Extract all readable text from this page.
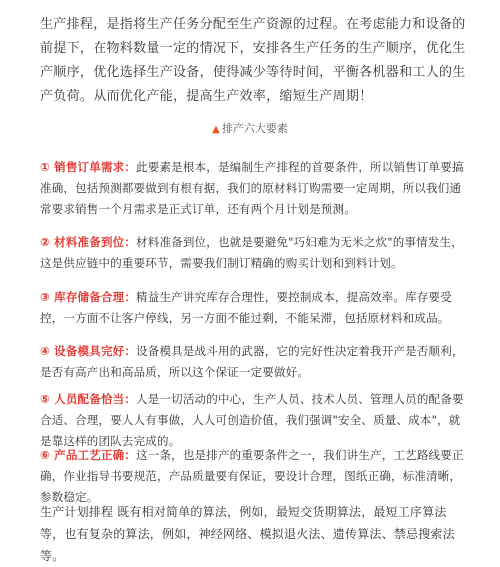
生产排程，是指将生产任务分配至生产资源的过程。在考虑能力和设备的前提下，在物料数量一定的情况下，安排各生产任务的生产顺序，优化生产顺序，优化选择生产设备，使得减少等待时间，平衡各机器和工人的生产负荷。从而优化产能，提高生产效率，缩短生产周期！
▲ 排产六大要素
① 销售订单需求：此要素是根本，是编制生产排程的首要条件，所以销售订单要搞准确，包括预测都要做到有根有据，我们的原材料订购需要一定周期，所以我们通常要求销售一个月需求是正式订单，还有两个月计划是预测。
② 材料准备到位：材料准备到位，也就是要避免"巧妇难为无米之炊"的事情发生，这是供应链中的重要环节，需要我们制订精确的购买计划和到料计划。
③ 库存储备合理：精益生产讲究库存合理性，要控制成本，提高效率。库存要受控，一方面不让客户停线，另一方面不能过剩，不能呆滞，包括原材料和成品。
④ 设备模具完好：设备模具是战斗用的武器，它的完好性决定着我开产是否顺利，是否有高产出和高品质，所以这个保证一定要做好。
⑤ 人员配备恰当：人是一切活动的中心，生产人员、技术人员、管理人员的配备要合适、合理，要人人有事做，人人可创造价值，我们强调"安全、质量、成本"，就是靠这样的团队去完成的。
⑥ 产品工艺正确：这一条，也是排产的重要条件之一，我们讲生产，工艺路线要正确，作业指导书要规范，产品质量要有保证，要设计合理，图纸正确，标准清晰，参数稳定。
生产计划排程 既有相对简单的算法，例如，最短交货期算法，最短工序算法等，也有复杂的算法，例如，神经网络、模拟退火法、遗传算法、禁忌搜索法等。
